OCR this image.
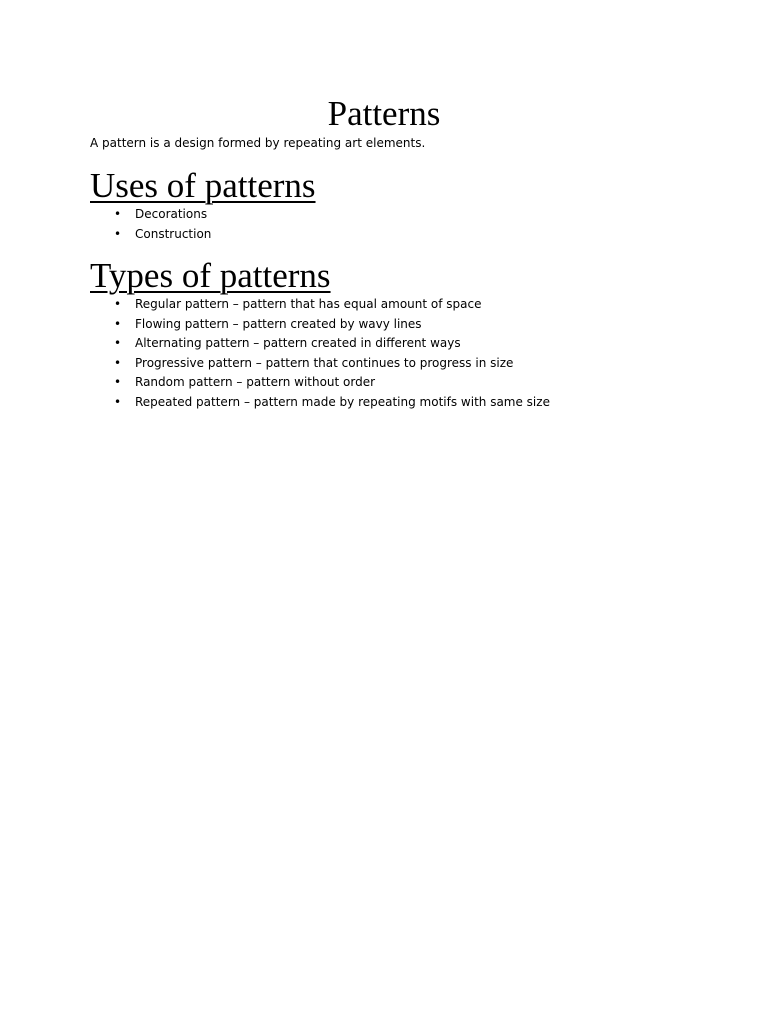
Patterns

A pattern is a design formed by repeating art elements.

Uses of patterns
• Decorations
• Construction
Types of patterns
• Regular pattern – pattern that has equal amount of space
• Flowing pattern – pattern created by wavy lines
• Alternating pattern – pattern created in different ways
• Progressive pattern – pattern that continues to progress in size
• Random pattern – pattern without order
• Repeated pattern – pattern made by repeating motifs with same size
